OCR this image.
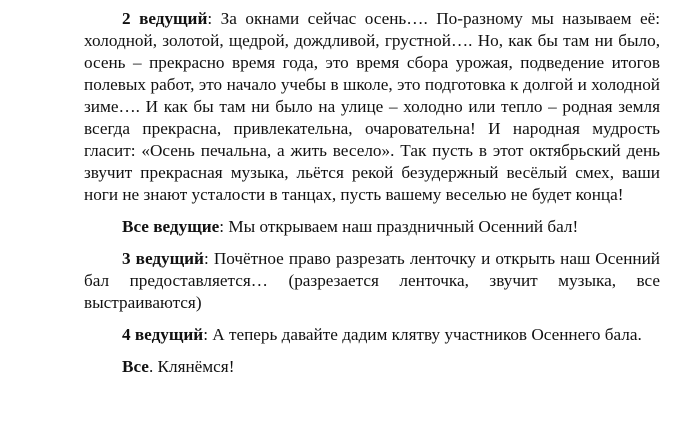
2 ведущий: За окнами сейчас осень…. По-разному мы называем её: холодной, золотой, щедрой, дождливой, грустной…. Но, как бы там ни было, осень – прекрасно время года, это время сбора урожая, подведение итогов полевых работ, это начало учебы в школе, это подготовка к долгой и холодной зиме…. И как бы там ни было на улице – холодно или тепло – родная земля всегда прекрасна, привлекательна, очаровательна! И народная мудрость гласит: «Осень печальна, а жить весело». Так пусть в этот октябрьский день звучит прекрасная музыка, льётся рекой безудержный весёлый смех, ваши ноги не знают усталости в танцах, пусть вашему веселью не будет конца!

Все ведущие: Мы открываем наш праздничный Осенний бал!

3 ведущий: Почётное право разрезать ленточку и открыть наш Осенний бал предоставляется… (разрезается ленточка, звучит музыка, все выстраиваются)

4 ведущий: А теперь давайте дадим клятву участников Осеннего бала.

Все. Клянёмся!
